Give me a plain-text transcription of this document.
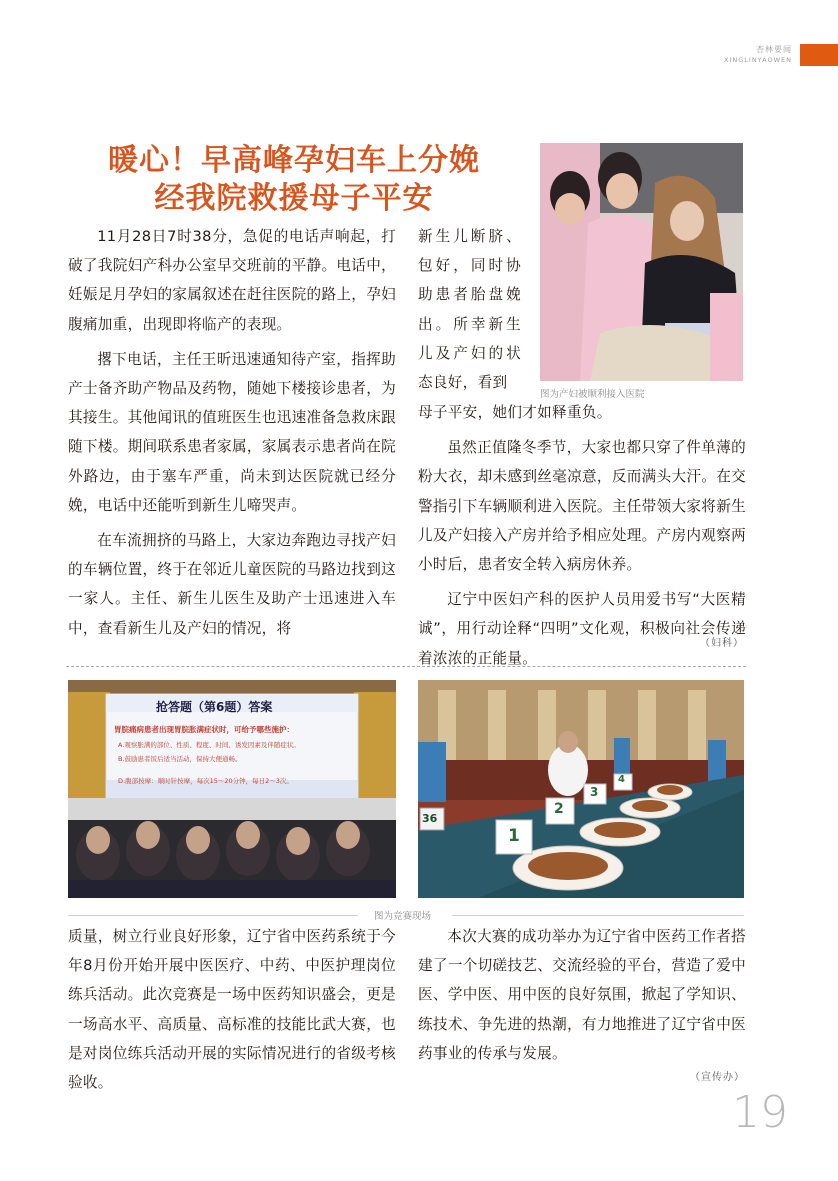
杏林要闻
XINGLINYAOWEN
暖心！早高峰孕妇车上分娩
经我院救援母子平安

11月28日7时38分，急促的电话声响起，打破了我院妇产科办公室早交班前的平静。电话中，妊娠足月孕妇的家属叙述在赶往医院的路上，孕妇腹痛加重，出现即将临产的表现。

撂下电话，主任王昕迅速通知待产室，指挥助产士备齐助产物品及药物，随她下楼接诊患者，为其接生。其他闻讯的值班医生也迅速准备急救床跟随下楼。期间联系患者家属，家属表示患者尚在院外路边，由于塞车严重，尚未到达医院就已经分娩，电话中还能听到新生儿啼哭声。

在车流拥挤的马路上，大家边奔跑边寻找产妇的车辆位置，终于在邻近儿童医院的马路边找到这一家人。主任、新生儿医生及助产士迅速进入车中，查看新生儿及产妇的情况，将

新生儿断脐、包好，同时协助患者胎盘娩出。所幸新生儿及产妇的状态良好，看到

图为产妇被顺利接入医院

母子平安，她们才如释重负。

虽然正值隆冬季节，大家也都只穿了件单薄的粉大衣，却未感到丝毫凉意，反而满头大汗。在交警指引下车辆顺利进入医院。主任带领大家将新生儿及产妇接入产房并给予相应处理。产房内观察两小时后，患者安全转入病房休养。

辽宁中医妇产科的医护人员用爱书写“大医精诚”，用行动诠释“四明”文化观，积极向社会传递着浓浓的正能量。

（妇科）
抢答题（第6题）答案
胃脘痛病患者出现胃脘胀满症状时，可给予哪些施护：
A.观察胀满的部位、性质、程度、时间、诱发因素及伴随症状。
B.鼓励患者饭后适当活动，保持大便通畅。
D.腹部按摩：顺时针按摩，每次15～20分钟，每日2～3次。
36
1
2
3
4
图为竞赛现场

质量，树立行业良好形象，辽宁省中医药系统于今年8月份开始开展中医医疗、中药、中医护理岗位练兵活动。此次竞赛是一场中医药知识盛会，更是一场高水平、高质量、高标准的技能比武大赛，也是对岗位练兵活动开展的实际情况进行的省级考核验收。

本次大赛的成功举办为辽宁省中医药工作者搭建了一个切磋技艺、交流经验的平台，营造了爱中医、学中医、用中医的良好氛围，掀起了学知识、练技术、争先进的热潮，有力地推进了辽宁省中医药事业的传承与发展。

（宣传办）
19
